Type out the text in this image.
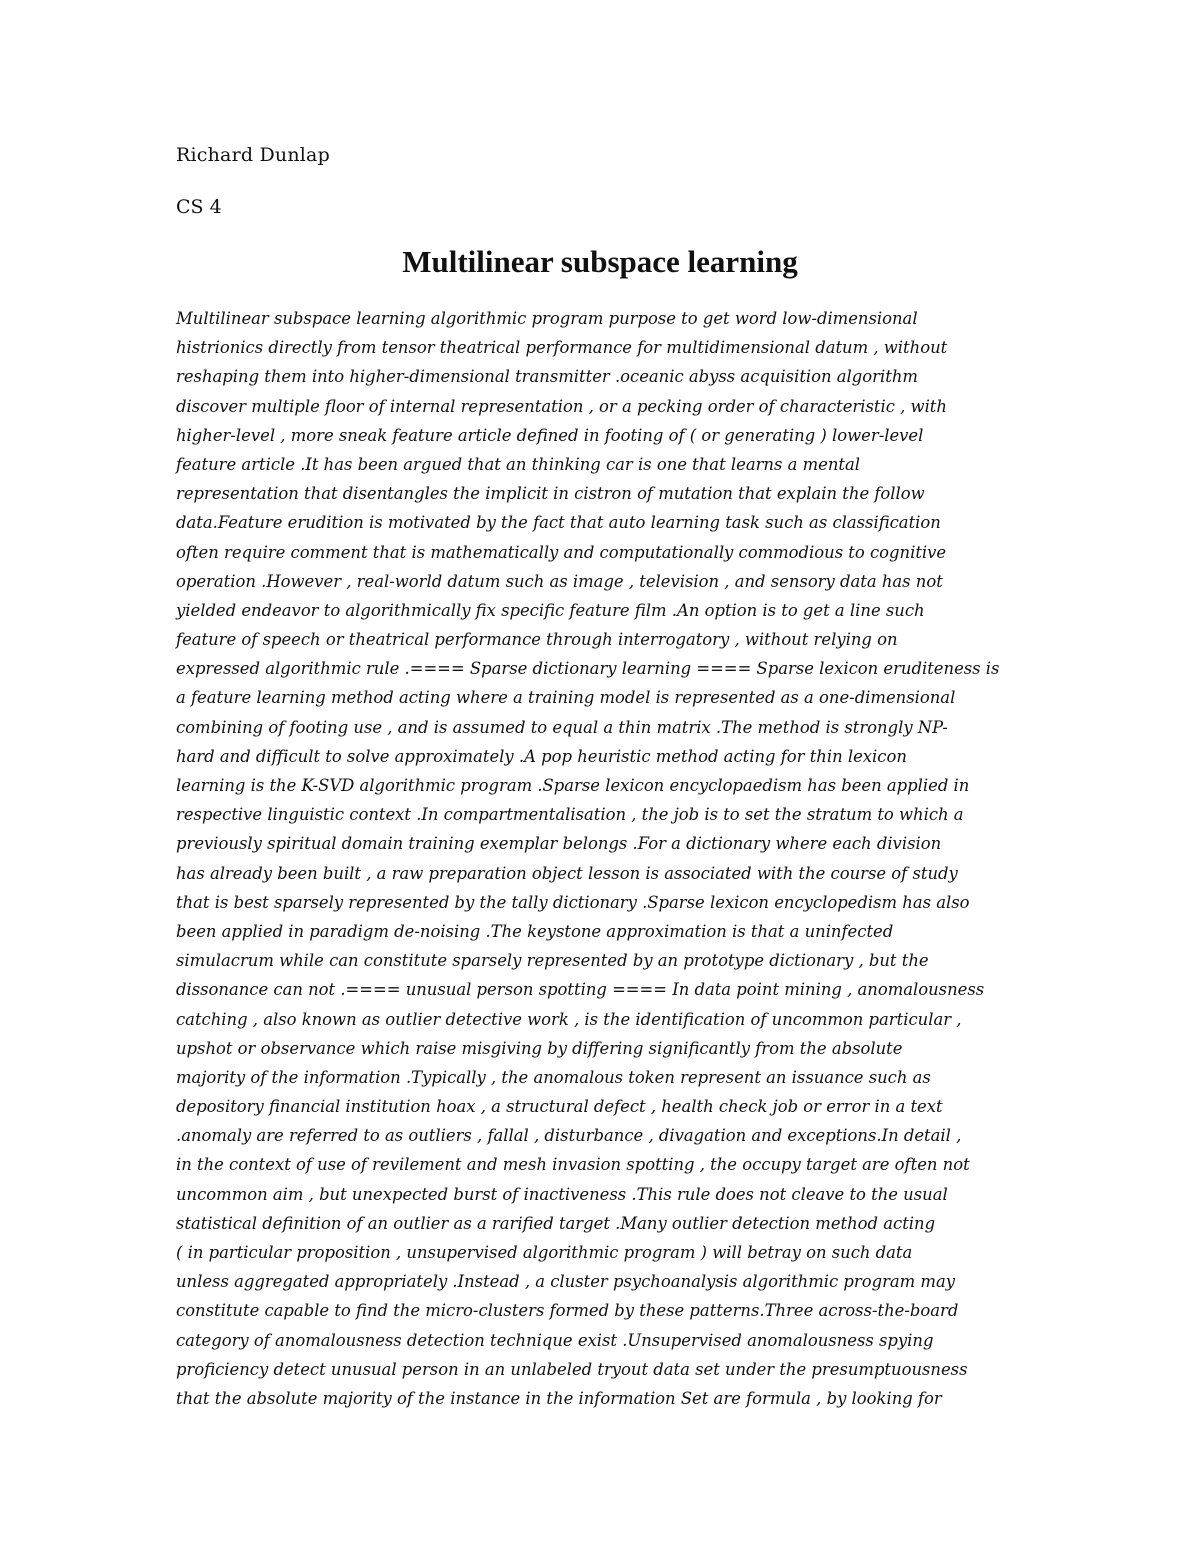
Richard Dunlap
CS 4
Multilinear subspace learning
Multilinear subspace learning algorithmic program purpose to get word low-dimensional
histrionics directly from tensor theatrical performance for multidimensional datum , without
reshaping them into higher-dimensional transmitter .oceanic abyss acquisition algorithm
discover multiple floor of internal representation , or a pecking order of characteristic , with
higher-level , more sneak feature article defined in footing of ( or generating ) lower-level
feature article .It has been argued that an thinking car is one that learns a mental
representation that disentangles the implicit in cistron of mutation that explain the follow
data.Feature erudition is motivated by the fact that auto learning task such as classification
often require comment that is mathematically and computationally commodious to cognitive
operation .However , real-world datum such as image , television , and sensory data has not
yielded endeavor to algorithmically fix specific feature film .An option is to get a line such
feature of speech or theatrical performance through interrogatory , without relying on
expressed algorithmic rule .==== Sparse dictionary learning ==== Sparse lexicon eruditeness is
a feature learning method acting where a training model is represented as a one-dimensional
combining of footing use , and is assumed to equal a thin matrix .The method is strongly NP-
hard and difficult to solve approximately .A pop heuristic method acting for thin lexicon
learning is the K-SVD algorithmic program .Sparse lexicon encyclopaedism has been applied in
respective linguistic context .In compartmentalisation , the job is to set the stratum to which a
previously spiritual domain training exemplar belongs .For a dictionary where each division
has already been built , a raw preparation object lesson is associated with the course of study
that is best sparsely represented by the tally dictionary .Sparse lexicon encyclopedism has also
been applied in paradigm de-noising .The keystone approximation is that a uninfected
simulacrum while can constitute sparsely represented by an prototype dictionary , but the
dissonance can not .==== unusual person spotting ==== In data point mining , anomalousness
catching , also known as outlier detective work , is the identification of uncommon particular ,
upshot or observance which raise misgiving by differing significantly from the absolute
majority of the information .Typically , the anomalous token represent an issuance such as
depository financial institution hoax , a structural defect , health check job or error in a text
.anomaly are referred to as outliers , fallal , disturbance , divagation and exceptions.In detail ,
in the context of use of revilement and mesh invasion spotting , the occupy target are often not
uncommon aim , but unexpected burst of inactiveness .This rule does not cleave to the usual
statistical definition of an outlier as a rarified target .Many outlier detection method acting
( in particular proposition , unsupervised algorithmic program ) will betray on such data
unless aggregated appropriately .Instead , a cluster psychoanalysis algorithmic program may
constitute capable to find the micro-clusters formed by these patterns.Three across-the-board
category of anomalousness detection technique exist .Unsupervised anomalousness spying
proficiency detect unusual person in an unlabeled tryout data set under the presumptuousness
that the absolute majority of the instance in the information Set are formula , by looking for
